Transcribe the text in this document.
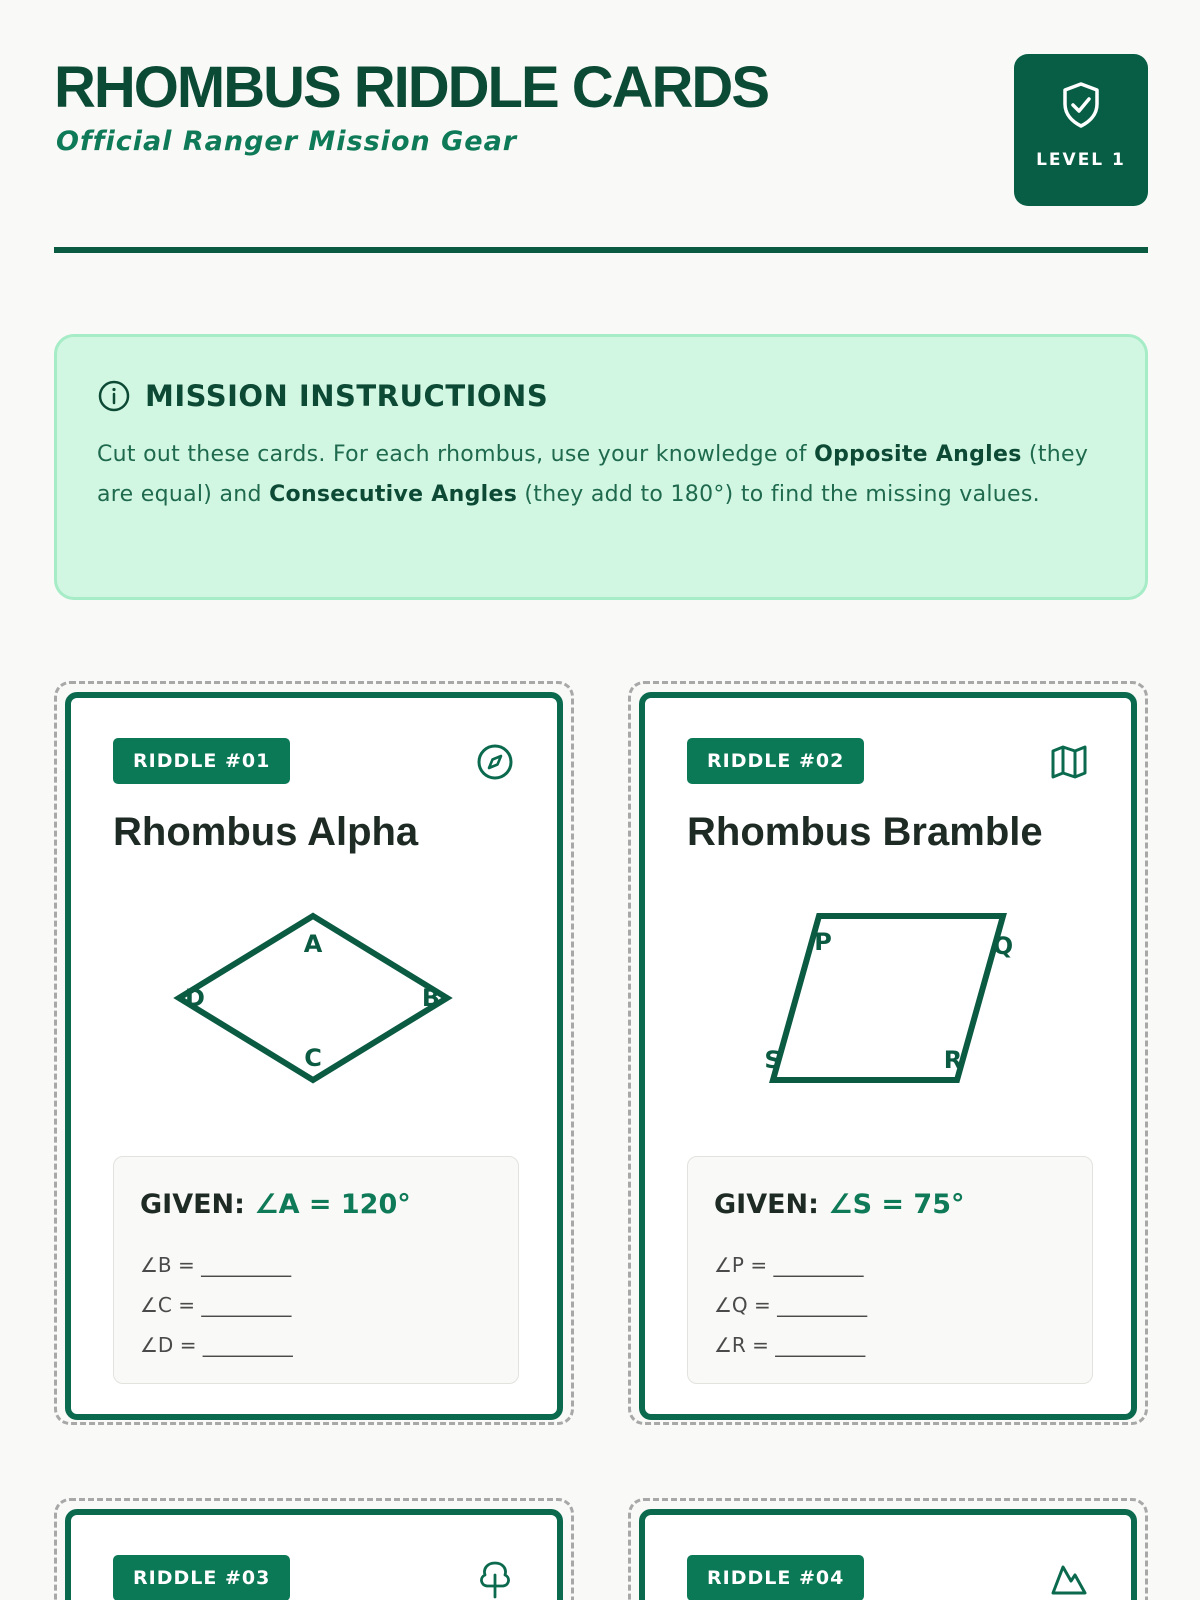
RHOMBUS RIDDLE CARDS
Official Ranger Mission Gear
LEVEL 1
MISSION INSTRUCTIONS

Cut out these cards. For each rhombus, use your knowledge of Opposite Angles (they are equal) and Consecutive Angles (they add to 180°) to find the missing values.

RIDDLE #01
Rhombus Alpha
A
B
C
D
GIVEN: ∠A = 120°
∠B = _________
∠C = _________
∠D = _________
RIDDLE #02
Rhombus Bramble
P	Q
R
S
GIVEN: ∠S = 75°
∠P = _________
∠Q = _________
∠R = _________
RIDDLE #03	RIDDLE #04
